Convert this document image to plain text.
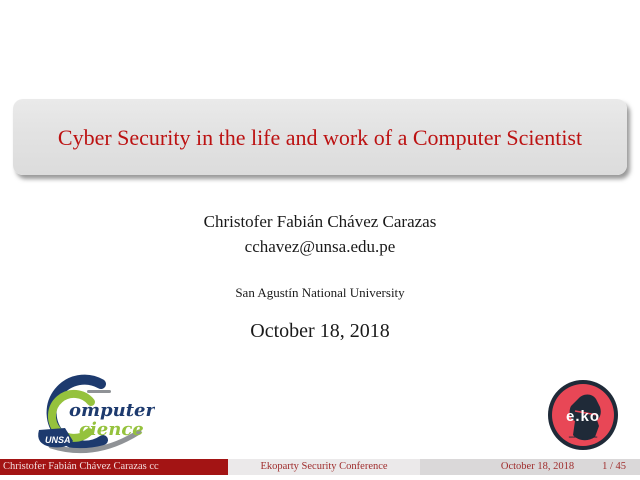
Cyber Security in the life and work of a Computer Scientist
Christofer Fabián Chávez Carazas
cchavez@unsa.edu.pe
San Agustín National University
October 18, 2018
UNSA
omputer
cience
e.ko
━━━ ★ ━━━
Christofer Fabián Chávez Carazas cc	Ekoparty Security Conference	October 18, 2018	1 / 45
